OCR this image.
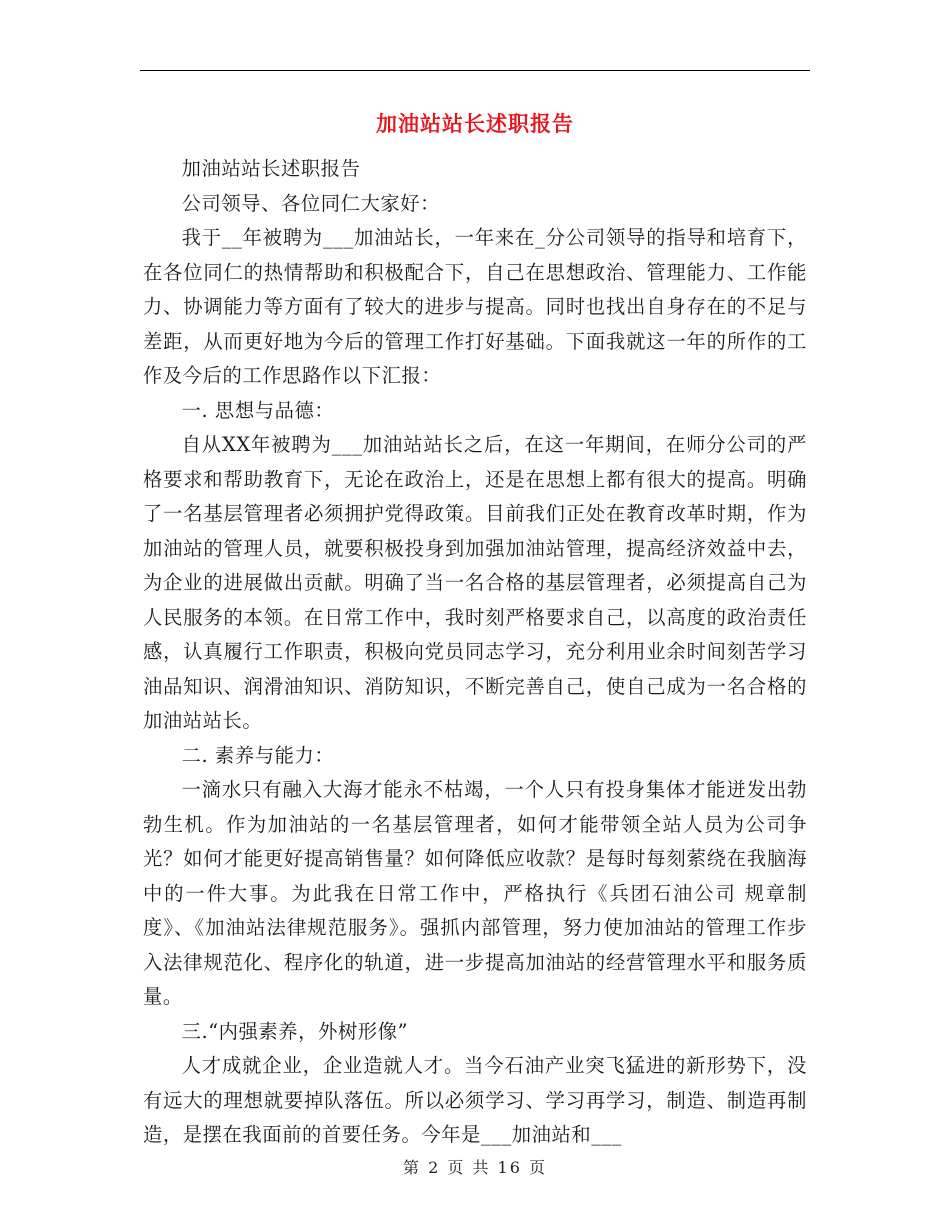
加油站站长述职报告

加油站站长述职报告

公司领导、各位同仁大家好：

我于__年被聘为___加油站长，一年来在_分公司领导的指导和培育下，在各位同仁的热情帮助和积极配合下，自己在思想政治、管理能力、工作能力、协调能力等方面有了较大的进步与提高。同时也找出自身存在的不足与差距，从而更好地为今后的管理工作打好基础。下面我就这一年的所作的工作及今后的工作思路作以下汇报：

一. 思想与品德：

自从XX年被聘为___加油站站长之后，在这一年期间，在师分公司的严格要求和帮助教育下，无论在政治上，还是在思想上都有很大的提高。明确了一名基层管理者必须拥护党得政策。目前我们正处在教育改革时期，作为加油站的管理人员，就要积极投身到加强加油站管理，提高经济效益中去，为企业的进展做出贡献。明确了当一名合格的基层管理者，必须提高自己为人民服务的本领。在日常工作中，我时刻严格要求自己，以高度的政治责任感，认真履行工作职责，积极向党员同志学习，充分利用业余时间刻苦学习油品知识、润滑油知识、消防知识，不断完善自己，使自己成为一名合格的加油站站长。

二. 素养与能力：

一滴水只有融入大海才能永不枯竭，一个人只有投身集体才能迸发出勃勃生机。作为加油站的一名基层管理者，如何才能带领全站人员为公司争光？如何才能更好提高销售量？如何降低应收款？是每时每刻萦绕在我脑海中的一件大事。为此我在日常工作中，严格执行《兵团石油公司 规章制度》、《加油站法律规范服务》。强抓内部管理，努力使加油站的管理工作步入法律规范化、程序化的轨道，进一步提高加油站的经营管理水平和服务质量。

三.“内强素养，外树形像”

人才成就企业，企业造就人才。当今石油产业突飞猛进的新形势下，没有远大的理想就要掉队落伍。所以必须学习、学习再学习，制造、制造再制造，是摆在我面前的首要任务。今年是___加油站和___

第 2 页 共 16 页
